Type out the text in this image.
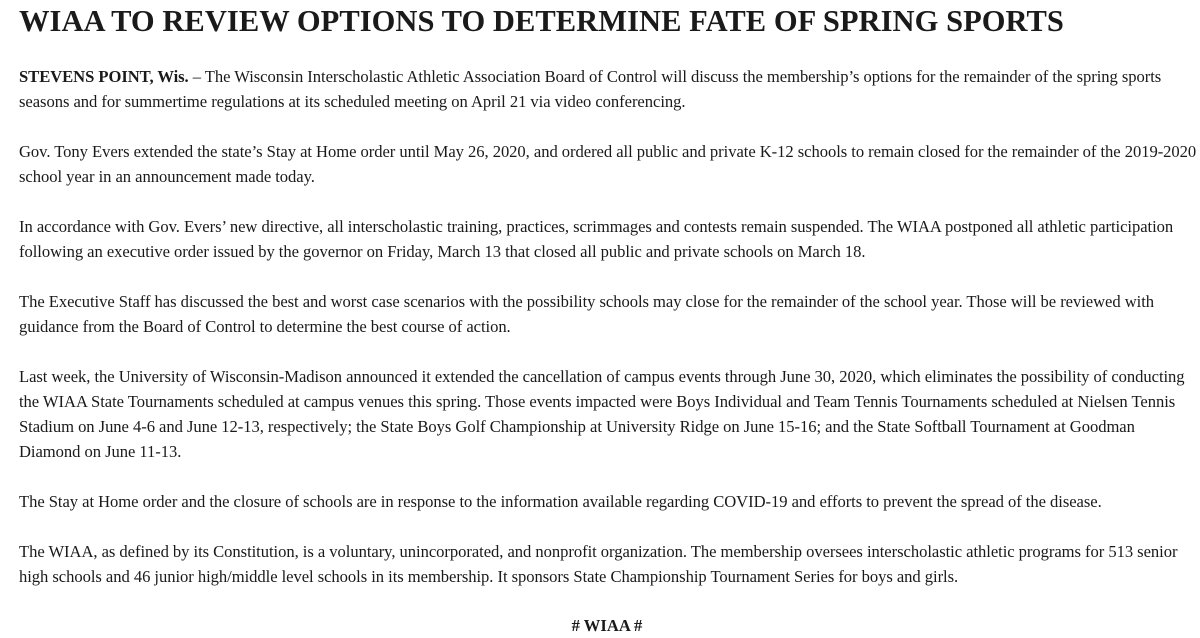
WIAA TO REVIEW OPTIONS TO DETERMINE FATE OF SPRING SPORTS

STEVENS POINT, Wis. – The Wisconsin Interscholastic Athletic Association Board of Control will discuss the membership’s options for the remainder of the spring sports seasons and for summertime regulations at its scheduled meeting on April 21 via video conferencing.

Gov. Tony Evers extended the state’s Stay at Home order until May 26, 2020, and ordered all public and private K-12 schools to remain closed for the remainder of the 2019-2020 school year in an announcement made today.

In accordance with Gov. Evers’ new directive, all interscholastic training, practices, scrimmages and contests remain suspended. The WIAA postponed all athletic participation following an executive order issued by the governor on Friday, March 13 that closed all public and private schools on March 18.

The Executive Staff has discussed the best and worst case scenarios with the possibility schools may close for the remainder of the school year. Those will be reviewed with guidance from the Board of Control to determine the best course of action.

Last week, the University of Wisconsin-Madison announced it extended the cancellation of campus events through June 30, 2020, which eliminates the possibility of conducting the WIAA State Tournaments scheduled at campus venues this spring. Those events impacted were Boys Individual and Team Tennis Tournaments scheduled at Nielsen Tennis Stadium on June 4-6 and June 12-13, respectively; the State Boys Golf Championship at University Ridge on June 15-16; and the State Softball Tournament at Goodman Diamond on June 11-13.

The Stay at Home order and the closure of schools are in response to the information available regarding COVID-19 and efforts to prevent the spread of the disease.

The WIAA, as defined by its Constitution, is a voluntary, unincorporated, and nonprofit organization. The membership oversees interscholastic athletic programs for 513 senior high schools and 46 junior high/middle level schools in its membership. It sponsors State Championship Tournament Series for boys and girls.

# WIAA #
